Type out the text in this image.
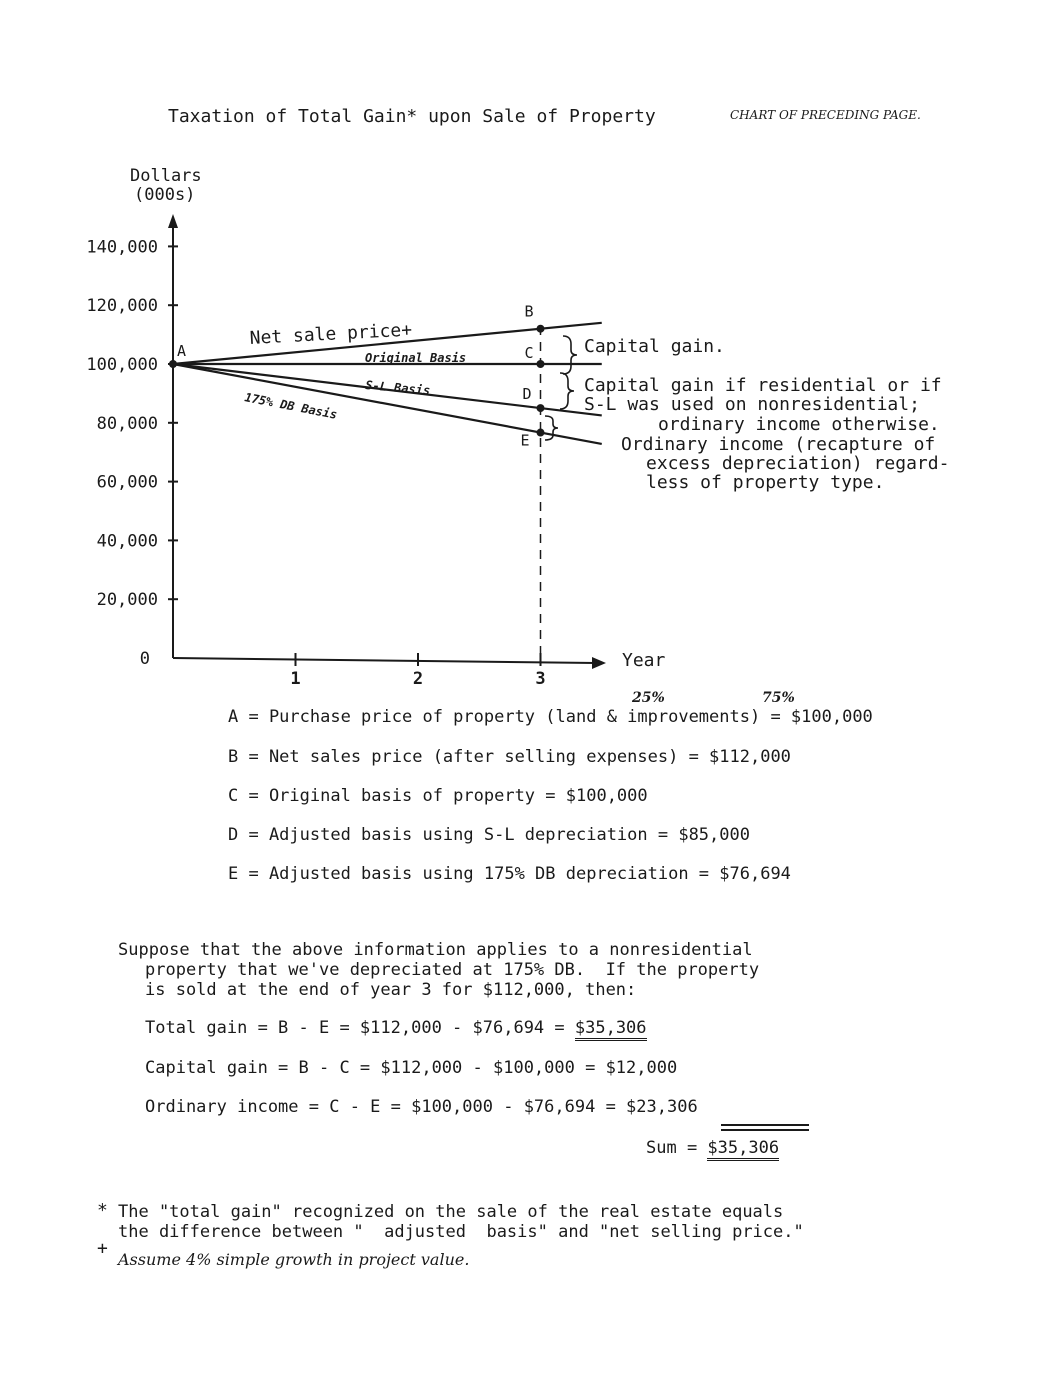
Taxation of Total Gain* upon Sale of Property	CHART OF PRECEDING PAGE.
Dollars
(000s)
Year
0
20,000
40,000
60,000
80,000
100,000
120,000
140,000
1	2	3
Net sale price+
Original Basis
S-L Basis
175% DB Basis
A
B
C
D
E
Capital gain.
Capital gain if residential or if
S-L was used on nonresidential;
ordinary income otherwise.
Ordinary income (recapture of
excess depreciation) regard-
less of property type.
25%	75%
A = Purchase price of property (land & improvements) = $100,000
B = Net sales price (after selling expenses) = $112,000
C = Original basis of property = $100,000
D = Adjusted basis using S-L depreciation = $85,000
E = Adjusted basis using 175% DB depreciation = $76,694
Suppose that the above information applies to a nonresidential
property that we've depreciated at 175% DB.  If the property
is sold at the end of year 3 for $112,000, then:
Total gain = B - E = $112,000 - $76,694 = $35,306
Capital gain = B - C = $112,000 - $100,000 = $12,000
Ordinary income = C - E = $100,000 - $76,694 = $23,306
Sum = $35,306
* The "total gain" recognized on the sale of the real estate equals
the difference between "  adjusted  basis" and "net selling price."
+
Assume 4% simple growth in project value.
